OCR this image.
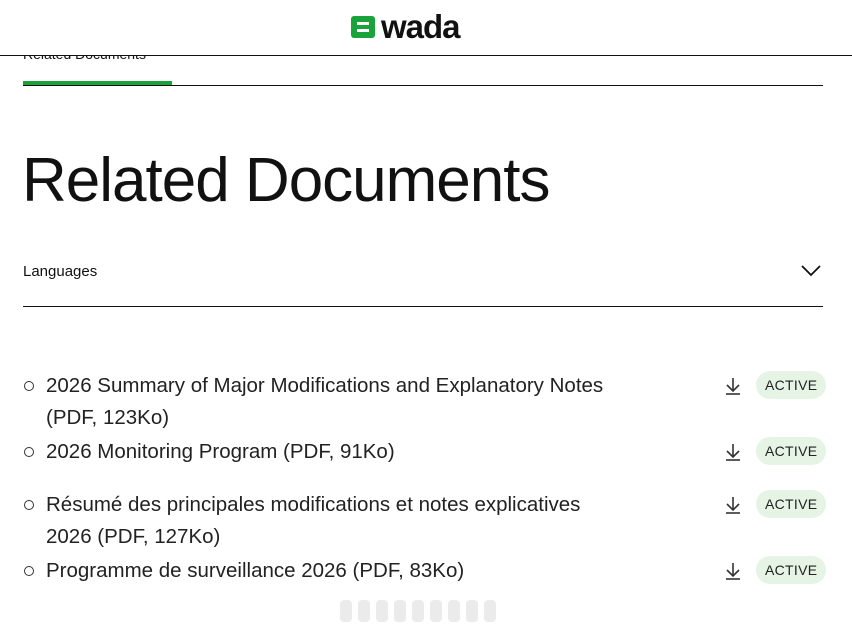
wada
Related Documents
Languages
2026 Summary of Major Modifications and Explanatory Notes
(PDF, 123Ko)
ACTIVE
2026 Monitoring Program (PDF, 91Ko)	ACTIVE
Résumé des principales modifications et notes explicatives
2026 (PDF, 127Ko)
ACTIVE
Programme de surveillance 2026 (PDF, 83Ko)	ACTIVE
